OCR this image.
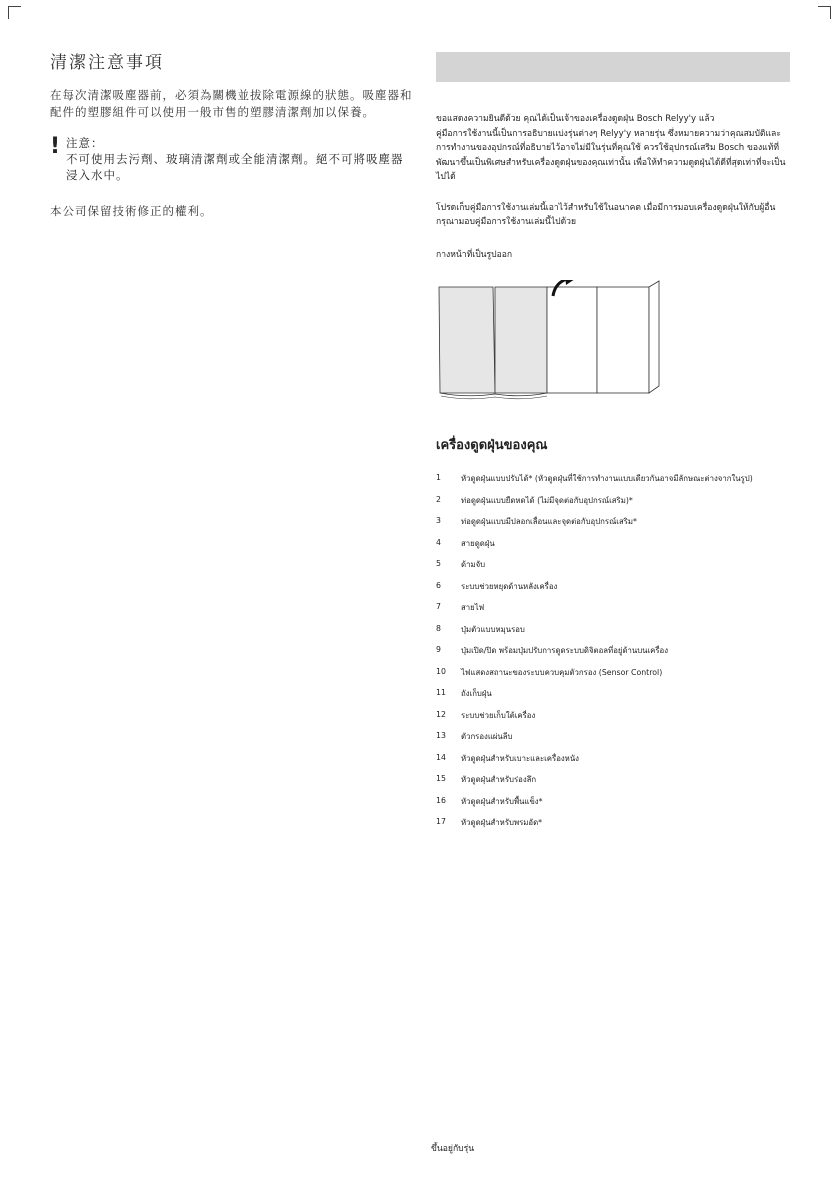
清潔注意事項

在每次清潔吸塵器前，必須為關機並拔除電源線的狀態。吸塵器和配件的塑膠組件可以使用一般市售的塑膠清潔劑加以保養。

! 注意：
不可使用去污劑、玻璃清潔劑或全能清潔劑。絕不可將吸塵器浸入水中。

本公司保留技術修正的權利。

ขอแสดงความยินดีด้วย คุณได้เป็นเจ้าของเครื่องดูดฝุ่น Bosch Relyy'y แล้ว
คู่มือการใช้งานนี้เป็นการอธิบายแบ่งรุ่นต่างๆ Relyy'y หลายรุ่น ซึ่งหมายความว่าคุณสมบัติและการทำงานของอุปกรณ์ที่อธิบายไว้อาจไม่มีในรุ่นที่คุณใช้ ควรใช้อุปกรณ์เสริม Bosch ของแท้ที่พัฒนาขึ้นเป็นพิเศษสำหรับเครื่องดูดฝุ่นของคุณเท่านั้น เพื่อให้ทำความดูดฝุ่นได้ดีที่สุดเท่าที่จะเป็นไปได้

โปรดเก็บคู่มือการใช้งานเล่มนี้เอาไว้สำหรับใช้ในอนาคต เมื่อมีการมอบเครื่องดูดฝุ่นให้กับผู้อื่น กรุณามอบคู่มือการใช้งานเล่มนี้ไปด้วย

กางหน้าที่เป็นรูปออก

เครื่องดูดฝุ่นของคุณ
1	หัวดูดฝุ่นแบบปรับได้* (หัวดูดฝุ่นที่ใช้การทำงานแบบเดียวกันอาจมีลักษณะต่างจากในรูป)
2	ท่อดูดฝุ่นแบบยืดหดได้ (ไม่มีจุดต่อกับอุปกรณ์เสริม)*
3	ท่อดูดฝุ่นแบบมีปลอกเลื่อนและจุดต่อกับอุปกรณ์เสริม*
4	สายดูดฝุ่น
5	ด้ามจับ
6	ระบบช่วยหยุดด้านหลังเครื่อง
7	สายไฟ
8	ปุ่มตัวแบบหมุนรอบ
9	ปุ่มเปิด/ปิด พร้อมปุ่มปรับการดูดระบบดิจิตอลที่อยู่ด้านบนเครื่อง
10	ไฟแสดงสถานะของระบบควบคุมตัวกรอง (Sensor Control)
11	ถังเก็บฝุ่น
12	ระบบช่วยเก็บใต้เครื่อง
13	ตัวกรองแผ่นลีบ
14	หัวดูดฝุ่นสำหรับเบาะและเครื่องหนัง
15	หัวดูดฝุ่นสำหรับร่องลึก
16	หัวดูดฝุ่นสำหรับพื้นแข็ง*
17	หัวดูดฝุ่นสำหรับพรมอัด*
ขึ้นอยู่กับรุ่น
